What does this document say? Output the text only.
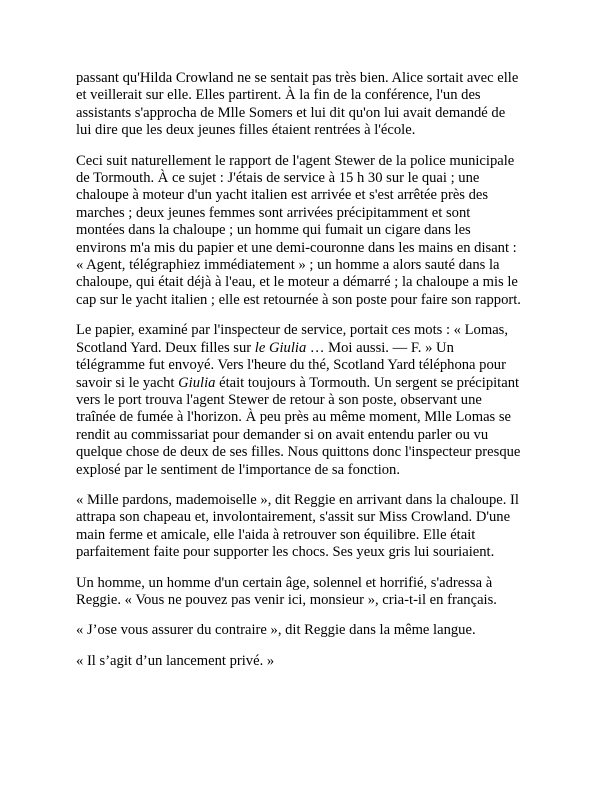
passant qu'Hilda Crowland ne se sentait pas très bien. Alice sortait avec elle
et veillerait sur elle. Elles partirent. À la fin de la conférence, l'un des
assistants s'approcha de Mlle Somers et lui dit qu'on lui avait demandé de
lui dire que les deux jeunes filles étaient rentrées à l'école.

Ceci suit naturellement le rapport de l'agent Stewer de la police municipale
de Tormouth. À ce sujet : J'étais de service à 15 h 30 sur le quai ; une
chaloupe à moteur d'un yacht italien est arrivée et s'est arrêtée près des
marches ; deux jeunes femmes sont arrivées précipitamment et sont
montées dans la chaloupe ; un homme qui fumait un cigare dans les
environs m'a mis du papier et une demi-couronne dans les mains en disant :
« Agent, télégraphiez immédiatement » ; un homme a alors sauté dans la
chaloupe, qui était déjà à l'eau, et le moteur a démarré ; la chaloupe a mis le
cap sur le yacht italien ; elle est retournée à son poste pour faire son rapport.

Le papier, examiné par l'inspecteur de service, portait ces mots : « Lomas,
Scotland Yard. Deux filles sur le Giulia … Moi aussi. — F. » Un
télégramme fut envoyé. Vers l'heure du thé, Scotland Yard téléphona pour
savoir si le yacht Giulia était toujours à Tormouth. Un sergent se précipitant
vers le port trouva l'agent Stewer de retour à son poste, observant une
traînée de fumée à l'horizon. À peu près au même moment, Mlle Lomas se
rendit au commissariat pour demander si on avait entendu parler ou vu
quelque chose de deux de ses filles. Nous quittons donc l'inspecteur presque
explosé par le sentiment de l'importance de sa fonction.

« Mille pardons, mademoiselle », dit Reggie en arrivant dans la chaloupe. Il
attrapa son chapeau et, involontairement, s'assit sur Miss Crowland. D'une
main ferme et amicale, elle l'aida à retrouver son équilibre. Elle était
parfaitement faite pour supporter les chocs. Ses yeux gris lui souriaient.

Un homme, un homme d'un certain âge, solennel et horrifié, s'adressa à
Reggie. « Vous ne pouvez pas venir ici, monsieur », cria-t-il en français.

« J’ose vous assurer du contraire », dit Reggie dans la même langue.

« Il s’agit d’un lancement privé. »
